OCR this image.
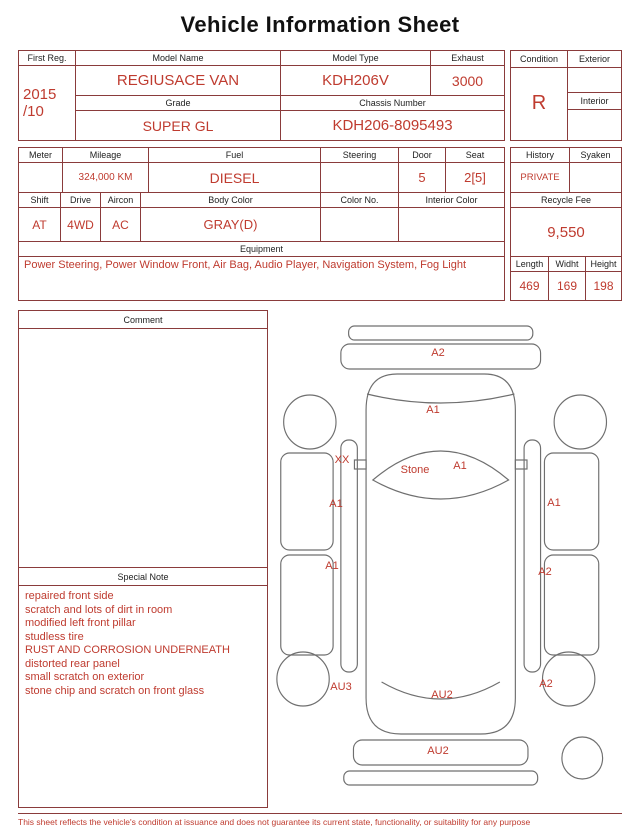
Vehicle Information Sheet
First Reg.	Model Name	Model Type	Exhaust
2015 /10	REGIUSACE VAN	KDH206V	3000
	Grade	Chassis Number	
	SUPER GL	KDH206-8095493	
Condition	Exterior
R	
	Interior

Meter	Mileage	Fuel	Steering	Door	Seat
	324,000 KM	DIESEL		5	2[5]
Shift	Drive	Aircon	Body Color	Color No.	Interior Color
AT	4WD	AC	GRAY(D)		
Equipment
Power Steering, Power Window Front, Air Bag, Audio Player, Navigation System, Fog Light
History	Syaken
PRIVATE	
Recycle Fee
9,550
Length	Widht	Height
469	169	198
Comment
Special Note
repaired front side
scratch and lots of dirt in room
modified left front pillar
studless tire
RUST AND CORROSION UNDERNEATH
distorted rear panel
small scratch on exterior
stone chip and scratch on front glass
A2
A1
XX
Stone A1
A1	A1
A1	A2
AU3	A2
AU2
AU2
This sheet reflects the vehicle's condition at issuance and does not guarantee its current state, functionality, or suitability for any purpose
